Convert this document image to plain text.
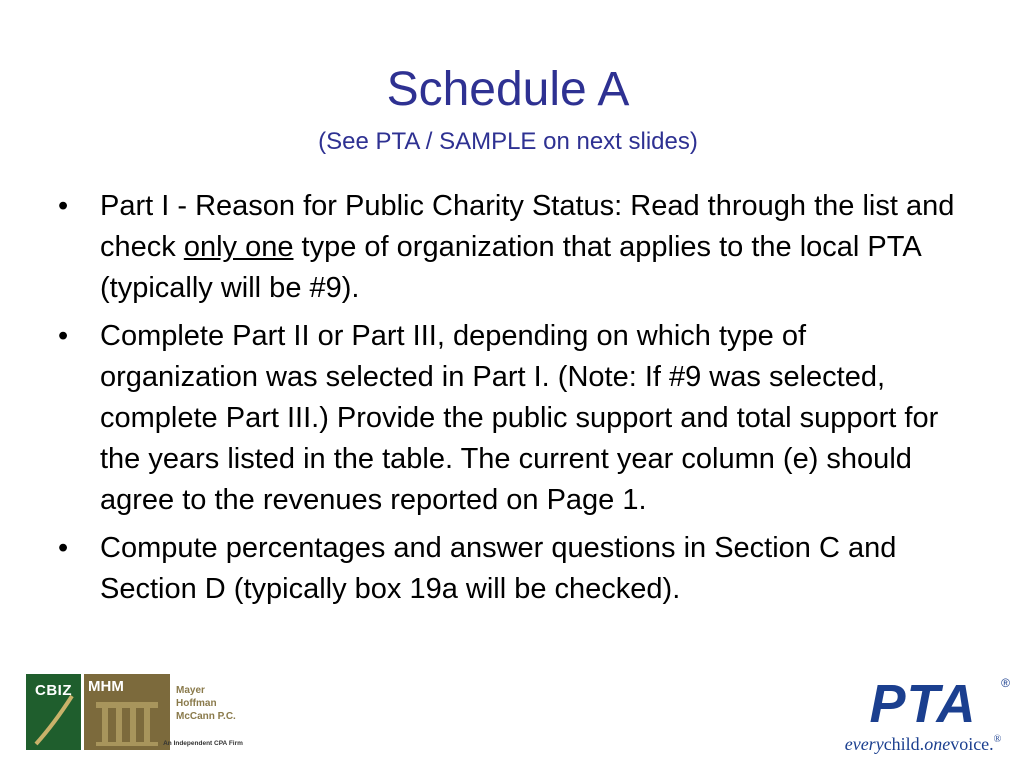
Schedule A
(See PTA / SAMPLE on next slides)
• Part I - Reason for Public Charity Status: Read through the list and check only one type of organization that applies to the local PTA (typically will be #9).
• Complete Part II or Part III, depending on which type of organization was selected in Part I. (Note: If #9 was selected, complete Part III.) Provide the public support and total support for the years listed in the table. The current year column (e) should agree to the revenues reported on Page 1.
• Compute percentages and answer questions in Section C and Section D (typically box 19a will be checked).
CBIZ	MHM	Mayer
Hoffman
McCann P.C.
An Independent CPA Firm
PTA	®
everychild.onevoice.®
